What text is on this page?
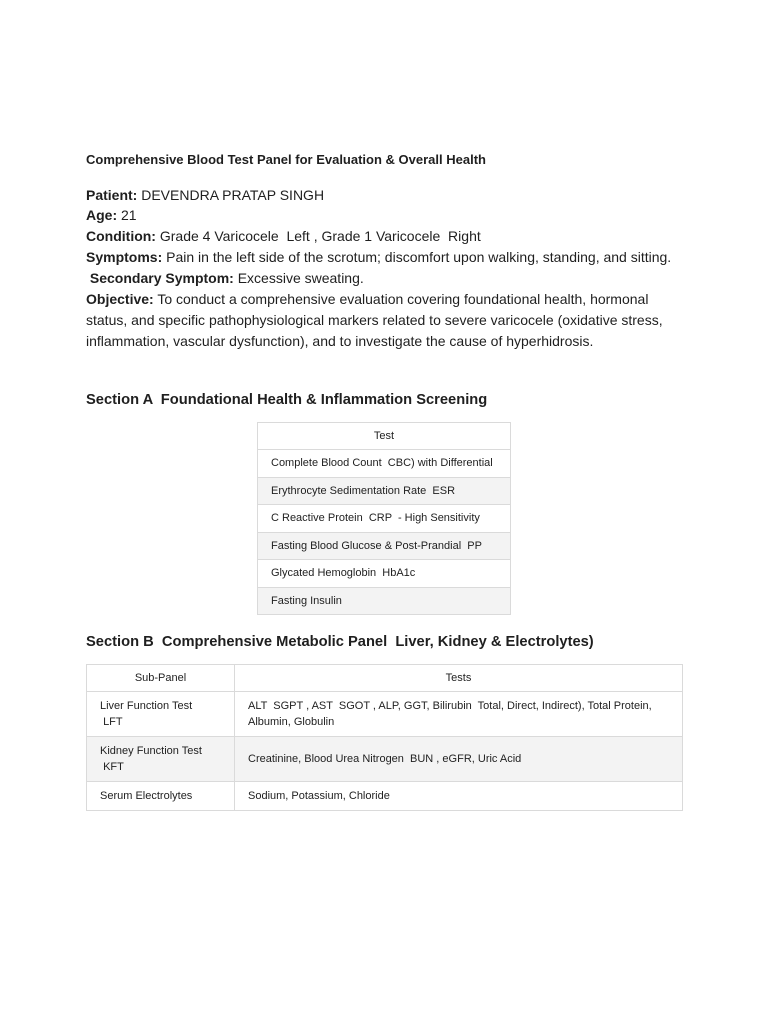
Comprehensive Blood Test Panel for Evaluation & Overall Health
Patient: DEVENDRA PRATAP SINGH
Age: 21
Condition: Grade 4 Varicocele  Left , Grade 1 Varicocele  Right
Symptoms: Pain in the left side of the scrotum; discomfort upon walking, standing, and sitting.
Secondary Symptom: Excessive sweating.
Objective: To conduct a comprehensive evaluation covering foundational health, hormonal status, and specific pathophysiological markers related to severe varicocele (oxidative stress, inflammation, vascular dysfunction), and to investigate the cause of hyperhidrosis.
Section A  Foundational Health & Inflammation Screening
Test
Complete Blood Count  CBC) with Differential
Erythrocyte Sedimentation Rate  ESR
C Reactive Protein  CRP  - High Sensitivity
Fasting Blood Glucose & Post-Prandial  PP
Glycated Hemoglobin  HbA1c
Fasting Insulin
Section B  Comprehensive Metabolic Panel  Liver, Kidney & Electrolytes)
Sub-Panel	Tests
Liver Function Test
LFT	ALT  SGPT , AST  SGOT , ALP, GGT, Bilirubin  Total, Direct, Indirect), Total Protein, Albumin, Globulin
Kidney Function Test
KFT	Creatinine, Blood Urea Nitrogen  BUN , eGFR, Uric Acid
Serum Electrolytes	Sodium, Potassium, Chloride
